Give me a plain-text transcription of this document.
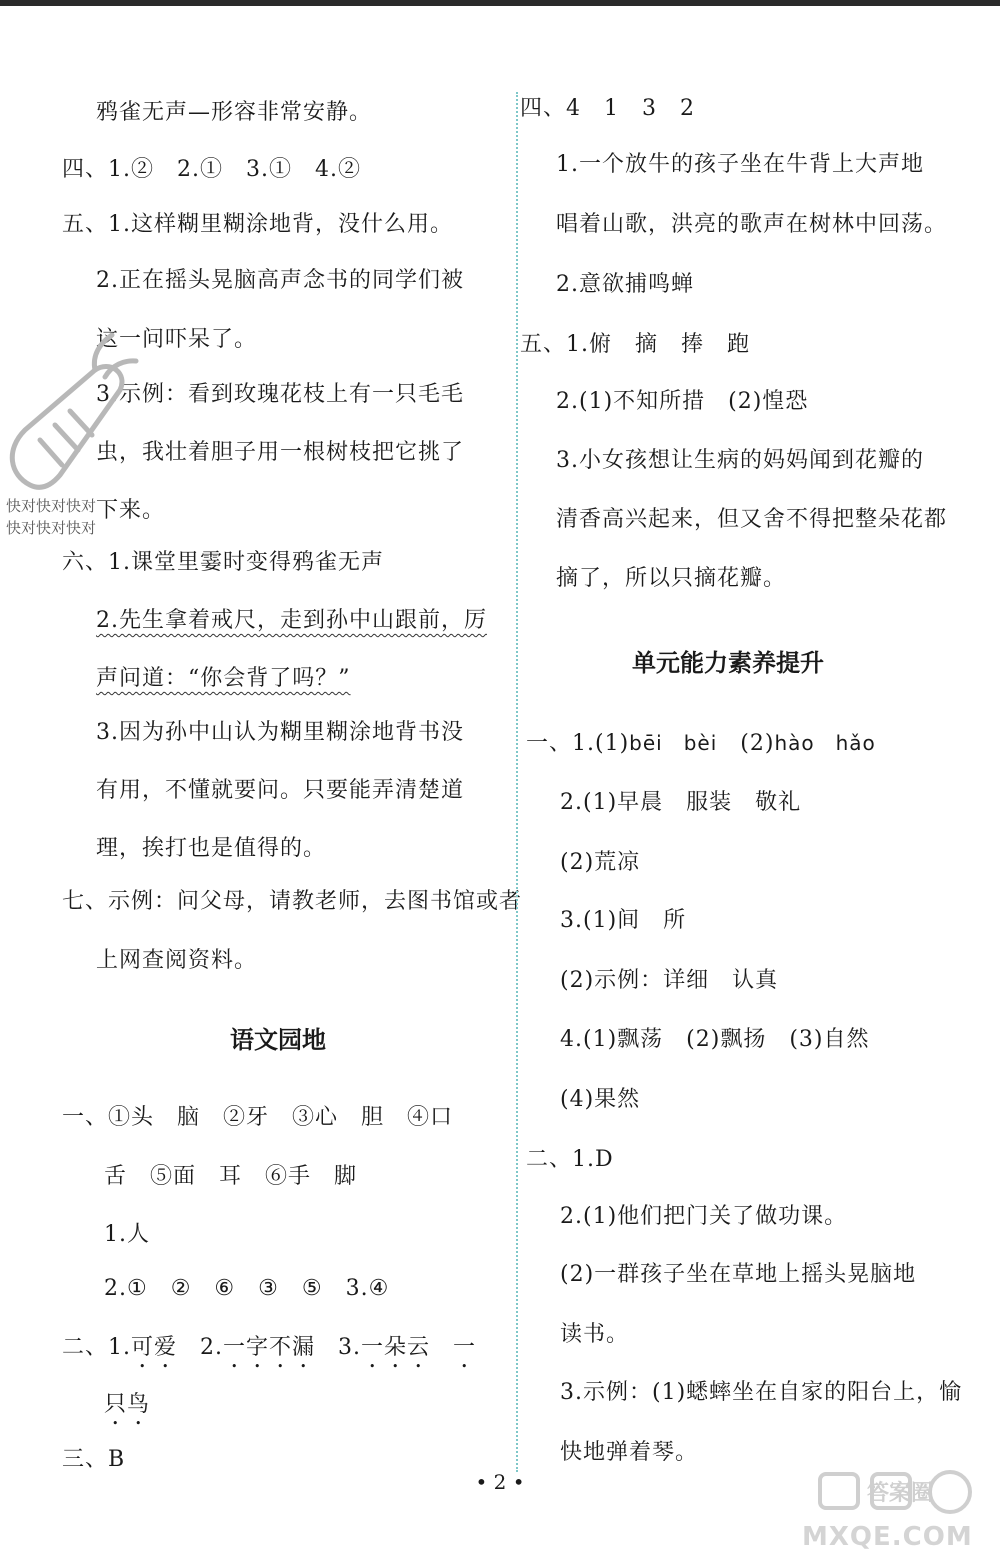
鸦雀无声—形容非常安静。
四、1.②　2.①　3.①　4.②
五、1.这样糊里糊涂地背，没什么用。
2.正在摇头晃脑高声念书的同学们被
这一问吓呆了。
3.示例：看到玫瑰花枝上有一只毛毛
虫，我壮着胆子用一根树枝把它挑了
下来。
六、1.课堂里霎时变得鸦雀无声
2.先生拿着戒尺，走到孙中山跟前，厉
声问道：“你会背了吗？”
3.因为孙中山认为糊里糊涂地背书没
有用，不懂就要问。只要能弄清楚道
理，挨打也是值得的。
七、示例：问父母，请教老师，去图书馆或者
上网查阅资料。
语文园地
一、①头　脑　②牙　③心　胆　④口
舌　⑤面　耳　⑥手　脚
1.人
2.①　②　⑥　③　⑤　3.④
二、1.可爱　2.一字不漏　3.一朵云　一
只鸟
三、B
四、4　1　3　2
1.一个放牛的孩子坐在牛背上大声地
唱着山歌，洪亮的歌声在树林中回荡。
2.意欲捕鸣蝉
五、1.俯　摘　捧　跑
2.(1)不知所措　(2)惶恐
3.小女孩想让生病的妈妈闻到花瓣的
清香高兴起来，但又舍不得把整朵花都
摘了，所以只摘花瓣。
单元能力素养提升
一、1.(1)bēi　bèi　(2)hào　hǎo
2.(1)早晨　服装　敬礼
(2)荒凉
3.(1)间　所
(2)示例：详细　认真
4.(1)飘荡　(2)飘扬　(3)自然
(4)果然
二、1.D
2.(1)他们把门关了做功课。
(2)一群孩子坐在草地上摇头晃脑地
读书。
3.示例：(1)蟋蟀坐在自家的阳台上，愉
快地弹着琴。
• 2 •
快对快对快对
快对快对快对
答案圈
MXQE.COM
